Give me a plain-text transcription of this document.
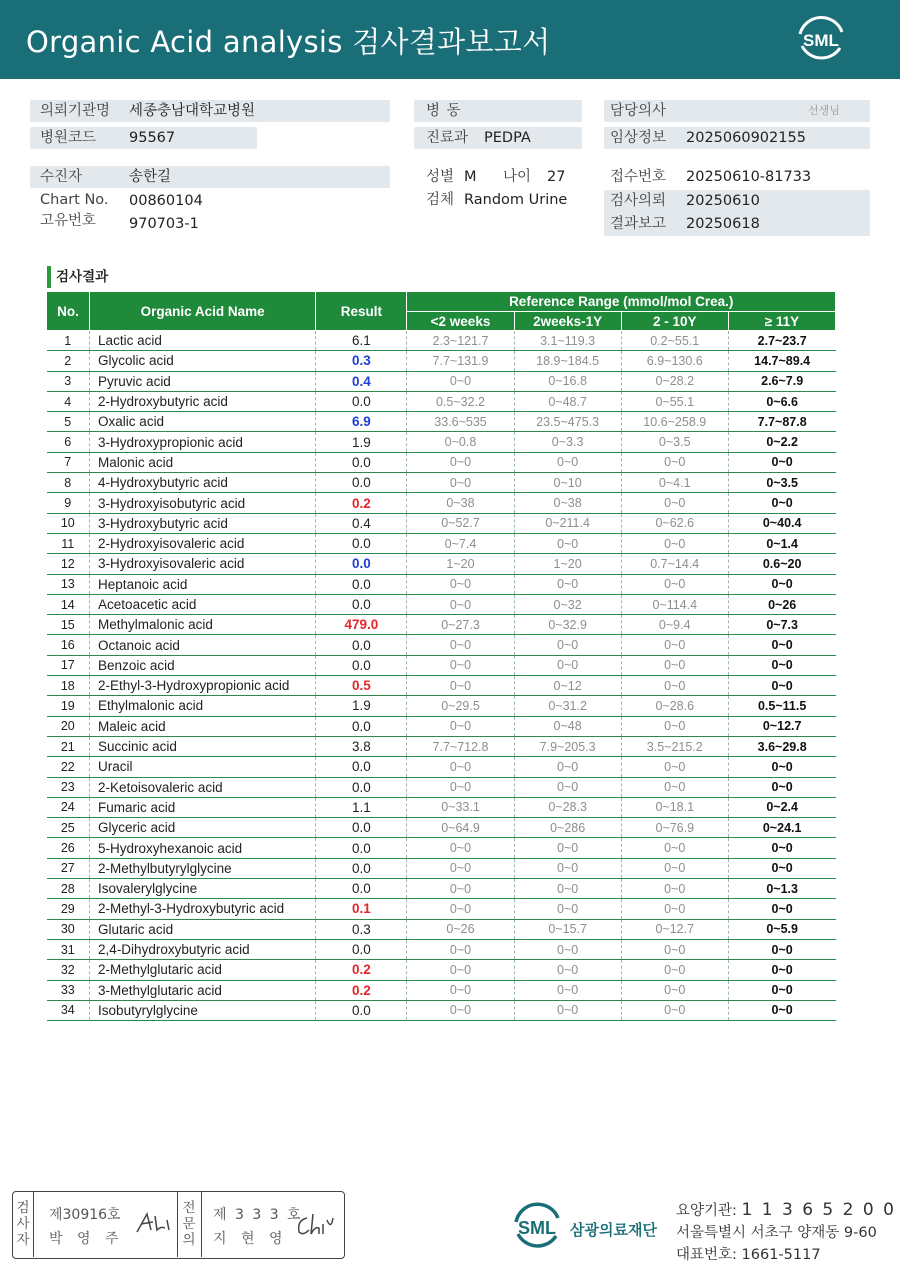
Organic Acid analysis 검사결과보고서	SML
의뢰기관명 세종충남대학교병원	병 동	담당의사	선생님
병원코드 95567	진료과 PEDPA	임상정보 2025060902155
수진자	송한길
Chart No. 00860104
고유번호 970703-1
성별 M 나이 27
검체 Random Urine
접수번호 20250610-81733
검사의뢰 20250610
결과보고 20250618
검사결과
No.	Organic Acid Name	Result	Reference Range (mmol/mol Crea.)			
			<2 weeks	2weeks-1Y	2 - 10Y	≥ 11Y
1	Lactic acid	6.1	2.3~121.7	3.1~119.3	0.2~55.1	2.7~23.7
2	Glycolic acid	0.3	7.7~131.9	18.9~184.5	6.9~130.6	14.7~89.4
3	Pyruvic acid	0.4	0~0	0~16.8	0~28.2	2.6~7.9
4	2-Hydroxybutyric acid	0.0	0.5~32.2	0~48.7	0~55.1	0~6.6
5	Oxalic acid	6.9	33.6~535	23.5~475.3	10.6~258.9	7.7~87.8
6	3-Hydroxypropionic acid	1.9	0~0.8	0~3.3	0~3.5	0~2.2
7	Malonic acid	0.0	0~0	0~0	0~0	0~0
8	4-Hydroxybutyric acid	0.0	0~0	0~10	0~4.1	0~3.5
9	3-Hydroxyisobutyric acid	0.2	0~38	0~38	0~0	0~0
10	3-Hydroxybutyric acid	0.4	0~52.7	0~211.4	0~62.6	0~40.4
11	2-Hydroxyisovaleric acid	0.0	0~7.4	0~0	0~0	0~1.4
12	3-Hydroxyisovaleric acid	0.0	1~20	1~20	0.7~14.4	0.6~20
13	Heptanoic acid	0.0	0~0	0~0	0~0	0~0
14	Acetoacetic acid	0.0	0~0	0~32	0~114.4	0~26
15	Methylmalonic acid	479.0	0~27.3	0~32.9	0~9.4	0~7.3
16	Octanoic acid	0.0	0~0	0~0	0~0	0~0
17	Benzoic acid	0.0	0~0	0~0	0~0	0~0
18	2-Ethyl-3-Hydroxypropionic acid	0.5	0~0	0~12	0~0	0~0
19	Ethylmalonic acid	1.9	0~29.5	0~31.2	0~28.6	0.5~11.5
20	Maleic acid	0.0	0~0	0~48	0~0	0~12.7
21	Succinic acid	3.8	7.7~712.8	7.9~205.3	3.5~215.2	3.6~29.8
22	Uracil	0.0	0~0	0~0	0~0	0~0
23	2-Ketoisovaleric acid	0.0	0~0	0~0	0~0	0~0
24	Fumaric acid	1.1	0~33.1	0~28.3	0~18.1	0~2.4
25	Glyceric acid	0.0	0~64.9	0~286	0~76.9	0~24.1
26	5-Hydroxyhexanoic acid	0.0	0~0	0~0	0~0	0~0
27	2-Methylbutyrylglycine	0.0	0~0	0~0	0~0	0~0
28	Isovalerylglycine	0.0	0~0	0~0	0~0	0~1.3
29	2-Methyl-3-Hydroxybutyric acid	0.1	0~0	0~0	0~0	0~0
30	Glutaric acid	0.3	0~26	0~15.7	0~12.7	0~5.9
31	2,4-Dihydroxybutyric acid	0.0	0~0	0~0	0~0	0~0
32	2-Methylglutaric acid	0.2	0~0	0~0	0~0	0~0
33	3-Methylglutaric acid	0.2	0~0	0~0	0~0	0~0
34	Isobutyrylglycine	0.0	0~0	0~0	0~0	0~0
검
사
자
제30916호
박 영 주
전
문
의
제 3 3 3 호
지 현 영
SML 삼광의료재단
요양기관: 1 1 3 6 5 2 0 0
서울특별시 서초구 양재동 9-60
대표번호: 1661-5117
